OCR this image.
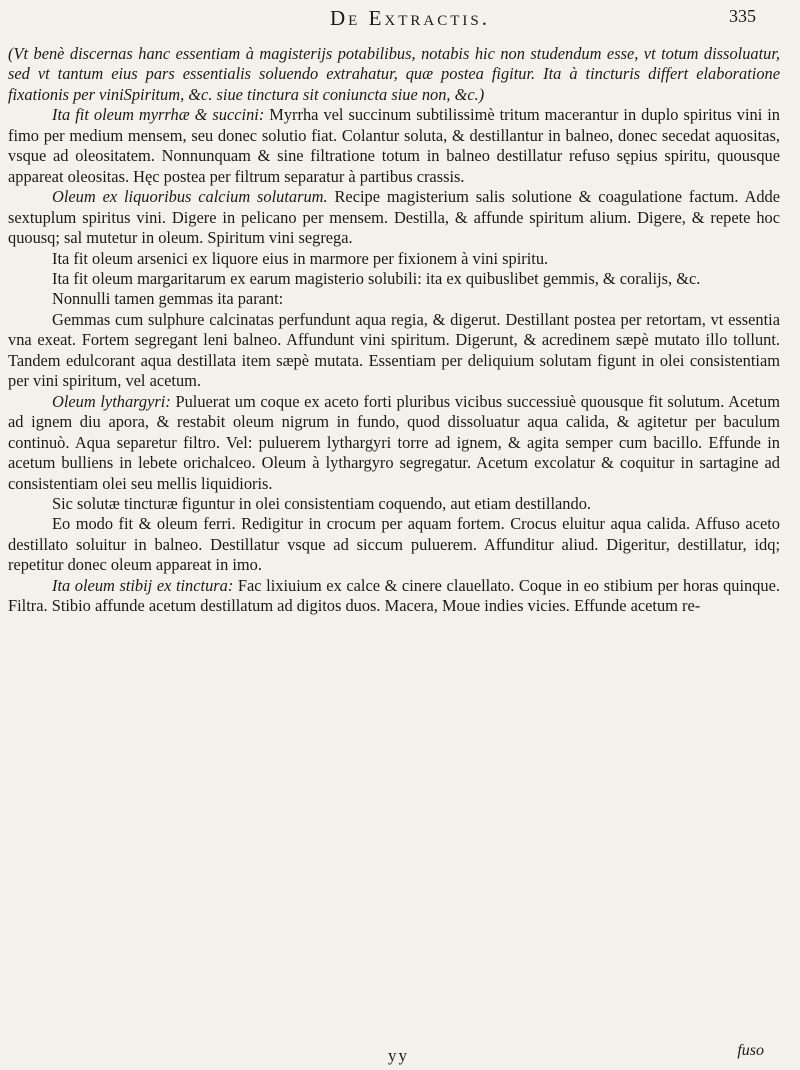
De Extractis.	335

(Vt benè discernas hanc essentiam à magisterijs potabilibus, notabis hic non studendum esse, vt totum dissoluatur, sed vt tantum eius pars essentialis soluendo extrahatur, quæ postea figitur. Ita à tincturis differt elaboratione fixationis per viniSpiritum, &c. siue tinctura sit coniuncta siue non, &c.)

Ita fit oleum myrrhæ & succini: Myrrha vel succinum subtilissimè tritum macerantur in duplo spiritus vini in fimo per medium mensem, seu donec solutio fiat. Colantur soluta, & destillantur in balneo, donec secedat aquositas, vsque ad oleositatem. Nonnunquam & sine filtratione totum in balneo destillatur refuso sępius spiritu, quousque appareat oleositas. Hęc postea per filtrum separatur à partibus crassis.

Oleum ex liquoribus calcium solutarum. Recipe magisterium salis solutione & coagulatione factum. Adde sextuplum spiritus vini. Digere in pelicano per mensem. Destilla, & affunde spiritum alium. Digere, & repete hoc quousq; sal mutetur in oleum. Spiritum vini segrega.

Ita fit oleum arsenici ex liquore eius in marmore per fixionem à vini spiritu.

Ita fit oleum margaritarum ex earum magisterio solubili: ita ex quibuslibet gemmis, & coralijs, &c.

Nonnulli tamen gemmas ita parant:

Gemmas cum sulphure calcinatas perfundunt aqua regia, & digerut. Destillant postea per retortam, vt essentia vna exeat. Fortem segregant leni balneo. Affundunt vini spiritum. Digerunt, & acredinem sæpè mutato illo tollunt. Tandem edulcorant aqua destillata item sæpè mutata. Essentiam per deliquium solutam figunt in olei consistentiam per vini spiritum, vel acetum.

Oleum lythargyri: Puluerat um coque ex aceto forti pluribus vicibus successiuè quousque fit solutum. Acetum ad ignem diu apora, & restabit oleum nigrum in fundo, quod dissoluatur aqua calida, & agitetur per baculum continuò. Aqua separetur filtro. Vel: puluerem lythargyri torre ad ignem, & agita semper cum bacillo. Effunde in acetum bulliens in lebete orichalceo. Oleum à lythargyro segregatur. Acetum excolatur & coquitur in sartagine ad consistentiam olei seu mellis liquidioris.

Sic solutæ tincturæ figuntur in olei consistentiam coquendo, aut etiam destillando.

Eo modo fit & oleum ferri. Redigitur in crocum per aquam fortem. Crocus eluitur aqua calida. Affuso aceto destillato soluitur in balneo. Destillatur vsque ad siccum puluerem. Affunditur aliud. Digeritur, destillatur, idq; repetitur donec oleum appareat in imo.

Ita oleum stibij ex tinctura: Fac lixiuium ex calce & cinere clauellato. Coque in eo stibium per horas quinque. Filtra. Stibio affunde acetum destillatum ad digitos duos. Macera, Moue indies vicies. Effunde acetum re-

yy	fuso
